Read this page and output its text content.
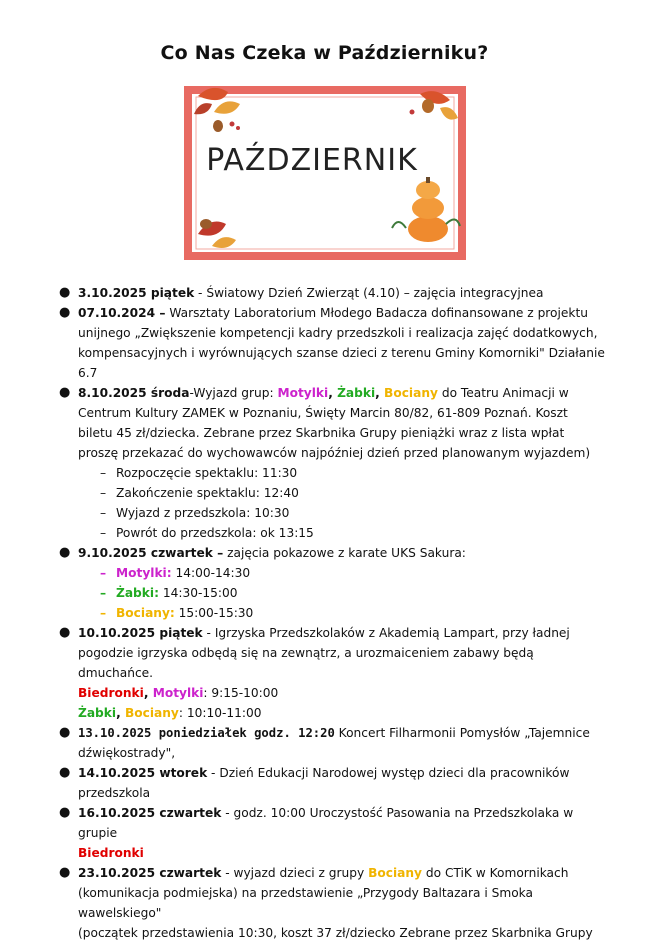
Co Nas Czeka w Październiku?
PAŹDZIERNIK
● 3.10.2025 piątek - Światowy Dzień Zwierząt (4.10) – zajęcia integracyjnea
● 07.10.2024 – Warsztaty Laboratorium Młodego Badacza dofinansowane z projektu
unijnego „Zwiększenie kompetencji kadry przedszkoli i realizacja zajęć dodatkowych,
kompensacyjnych i wyrównujących szanse dzieci z terenu Gminy Komorniki" Działanie
6.7
● 8.10.2025 środa-Wyjazd grup: Motylki, Żabki, Bociany do Teatru Animacji w
Centrum Kultury ZAMEK w Poznaniu, Święty Marcin 80/82, 61-809 Poznań. Koszt
biletu 45 zł/dziecka. Zebrane przez Skarbnika Grupy pieniążki wraz z lista wpłat
proszę przekazać do wychowawców najpóźniej dzień przed planowanym wyjazdem)
– Rozpoczęcie spektaklu: 11:30
– Zakończenie spektaklu: 12:40
– Wyjazd z przedszkola: 10:30
– Powrót do przedszkola: ok 13:15
● 9.10.2025 czwartek – zajęcia pokazowe z karate UKS Sakura:
– Motylki: 14:00-14:30
– Żabki: 14:30-15:00
– Bociany: 15:00-15:30
● 10.10.2025 piątek - Igrzyska Przedszkolaków z Akademią Lampart, przy ładnej
pogodzie igrzyska odbędą się na zewnątrz, a urozmaiceniem zabawy będą dmuchańce.
Biedronki, Motylki: 9:15-10:00
Żabki, Bociany: 10:10-11:00
● 13.10.2025 poniedziałek godz. 12:20 Koncert Filharmonii Pomysłów „Tajemnice
dźwiękostrady",
● 14.10.2025 wtorek - Dzień Edukacji Narodowej występ dzieci dla pracowników
przedszkola
● 16.10.2025 czwartek - godz. 10:00 Uroczystość Pasowania na Przedszkolaka w grupie
Biedronki
● 23.10.2025 czwartek - wyjazd dzieci z grupy Bociany do CTiK w Komornikach
(komunikacja podmiejska) na przedstawienie „Przygody Baltazara i Smoka wawelskiego"
(początek przedstawienia 10:30, koszt 37 zł/dziecko Zebrane przez Skarbnika Grupy
